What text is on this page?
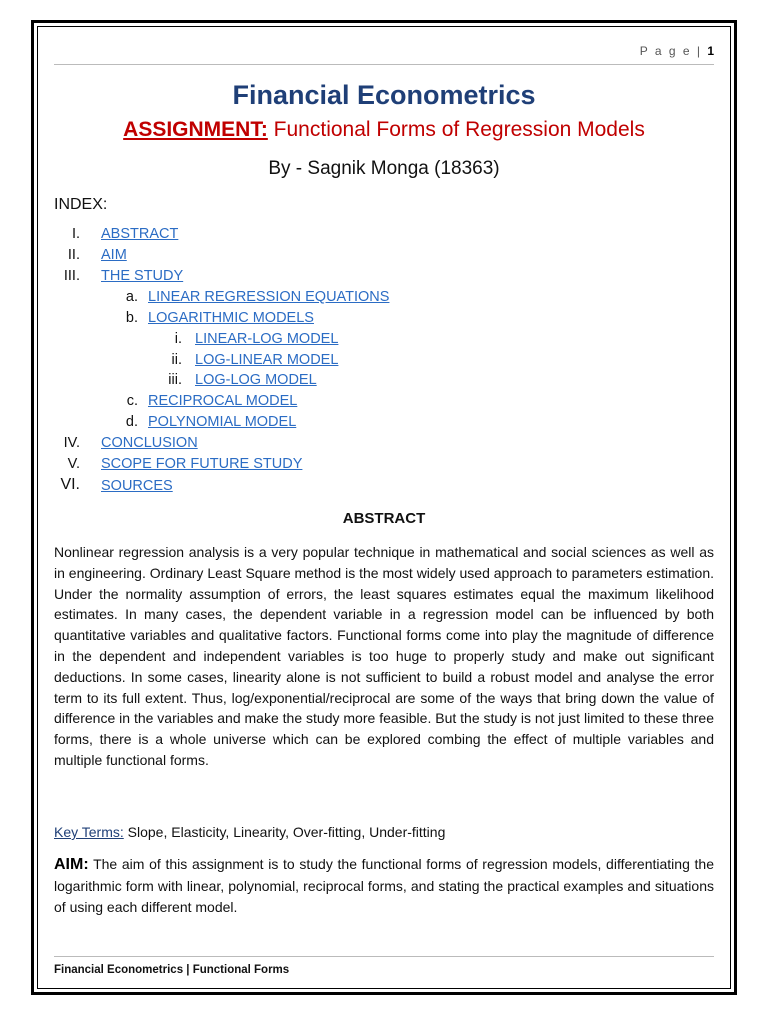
P a g e | 1
Financial Econometrics
ASSIGNMENT: Functional Forms of Regression Models
By - Sagnik Monga (18363)
INDEX:
I. ABSTRACT
II. AIM
III. THE STUDY
a. LINEAR REGRESSION EQUATIONS
b. LOGARITHMIC MODELS
i. LINEAR-LOG MODEL
ii. LOG-LINEAR MODEL
iii. LOG-LOG MODEL
c. RECIPROCAL MODEL
d. POLYNOMIAL MODEL
IV. CONCLUSION
V. SCOPE FOR FUTURE STUDY
VI. SOURCES
ABSTRACT
Nonlinear regression analysis is a very popular technique in mathematical and social sciences as well as in engineering. Ordinary Least Square method is the most widely used approach to parameters estimation. Under the normality assumption of errors, the least squares estimates equal the maximum likelihood estimates. In many cases, the dependent variable in a regression model can be influenced by both quantitative variables and qualitative factors. Functional forms come into play the magnitude of difference in the dependent and independent variables is too huge to properly study and make out significant deductions. In some cases, linearity alone is not sufficient to build a robust model and analyse the error term to its full extent. Thus, log/exponential/reciprocal are some of the ways that bring down the value of difference in the variables and make the study more feasible. But the study is not just limited to these three forms, there is a whole universe which can be explored combing the effect of multiple variables and multiple functional forms.
Key Terms: Slope, Elasticity, Linearity, Over-fitting, Under-fitting
AIM: The aim of this assignment is to study the functional forms of regression models, differentiating the logarithmic form with linear, polynomial, reciprocal forms, and stating the practical examples and situations of using each different model.
Financial Econometrics | Functional Forms
